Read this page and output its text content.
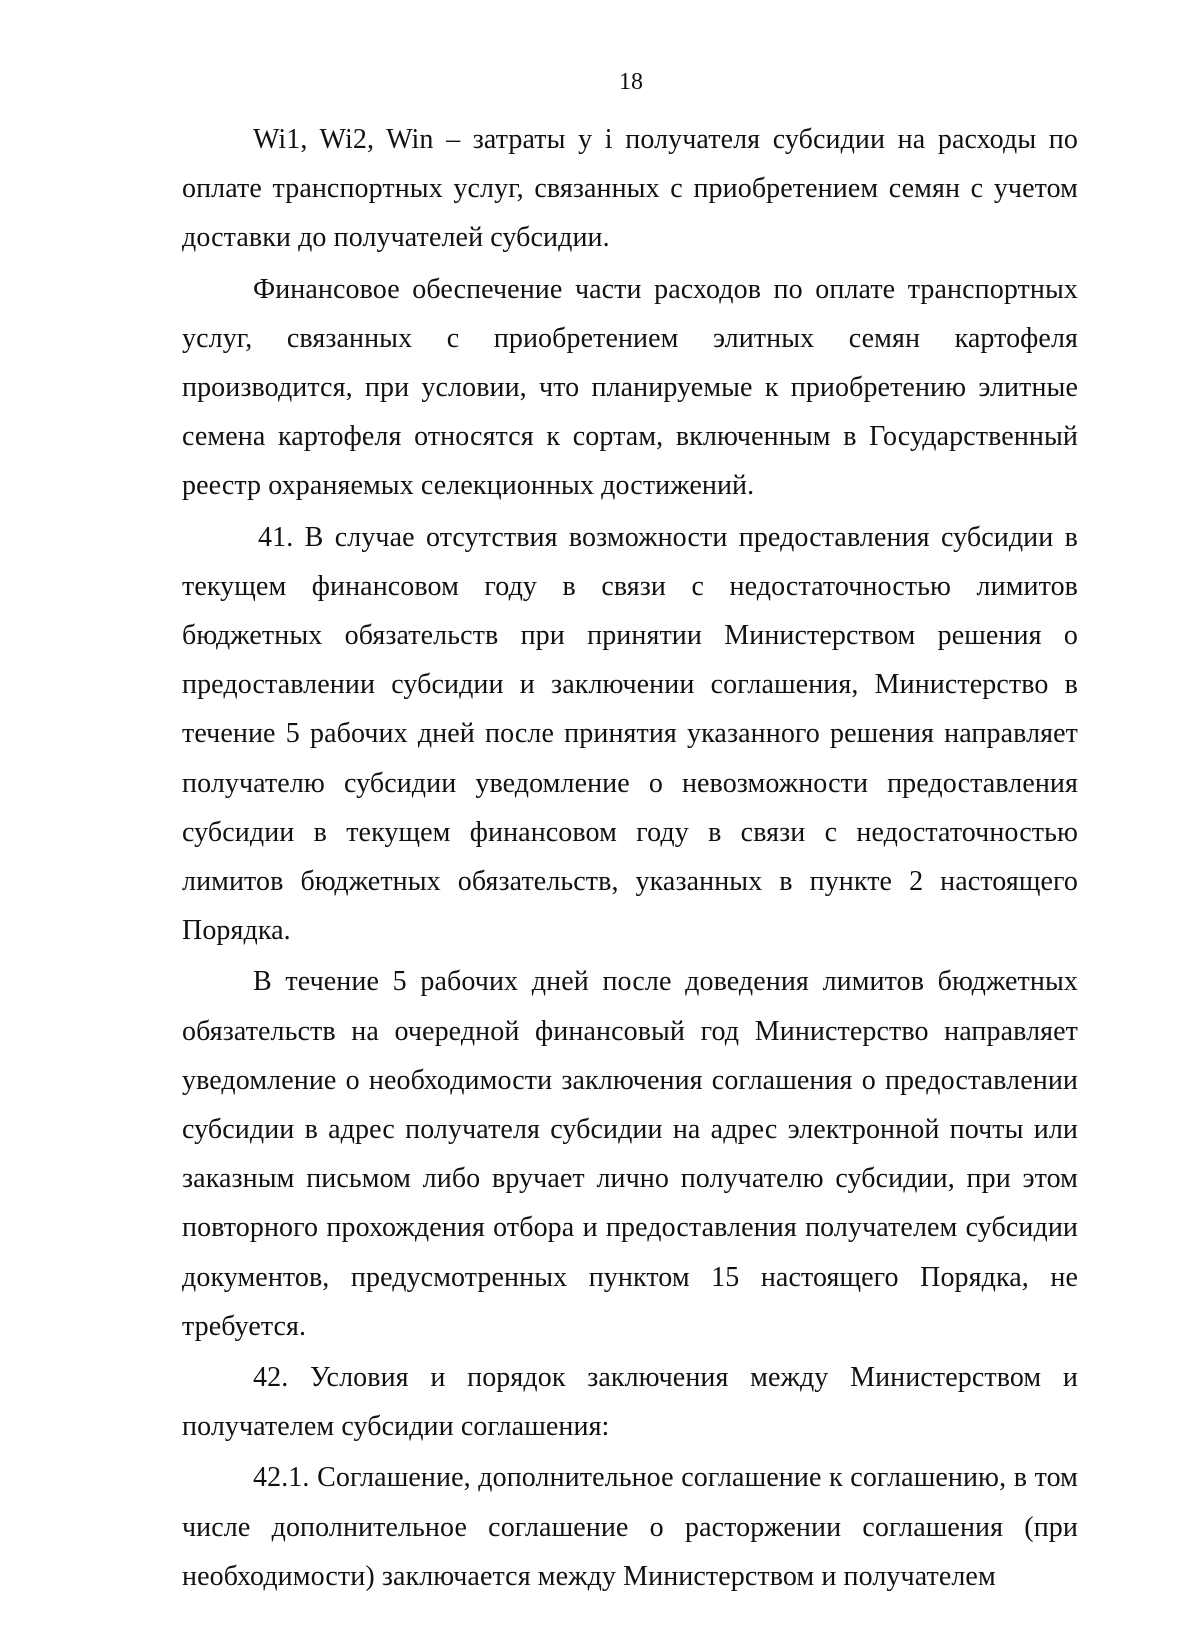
18

Wi1, Wi2, Win – затраты у i получателя субсидии на расходы по оплате транспортных услуг, связанных с приобретением семян с учетом доставки до получателей субсидии.

Финансовое обеспечение части расходов по оплате транспортных услуг, связанных с приобретением элитных семян картофеля производится, при условии, что планируемые к приобретению элитные семена картофеля относятся к сортам, включенным в Государственный реестр охраняемых селекционных достижений.

41. В случае отсутствия возможности предоставления субсидии в текущем финансовом году в связи с недостаточностью лимитов бюджетных обязательств при принятии Министерством решения о предоставлении субсидии и заключении соглашения, Министерство в течение 5 рабочих дней после принятия указанного решения направляет получателю субсидии уведомление о невозможности предоставления субсидии в текущем финансовом году в связи с недостаточностью лимитов бюджетных обязательств, указанных в пункте 2 настоящего Порядка.

В течение 5 рабочих дней после доведения лимитов бюджетных обязательств на очередной финансовый год Министерство направляет уведомление о необходимости заключения соглашения о предоставлении субсидии в адрес получателя субсидии на адрес электронной почты или заказным письмом либо вручает лично получателю субсидии, при этом повторного прохождения отбора и предоставления получателем субсидии документов, предусмотренных пунктом 15 настоящего Порядка, не требуется.

42. Условия и порядок заключения между Министерством и получателем субсидии соглашения:

42.1. Соглашение, дополнительное соглашение к соглашению, в том числе дополнительное соглашение о расторжении соглашения (при необходимости) заключается между Министерством и получателем
